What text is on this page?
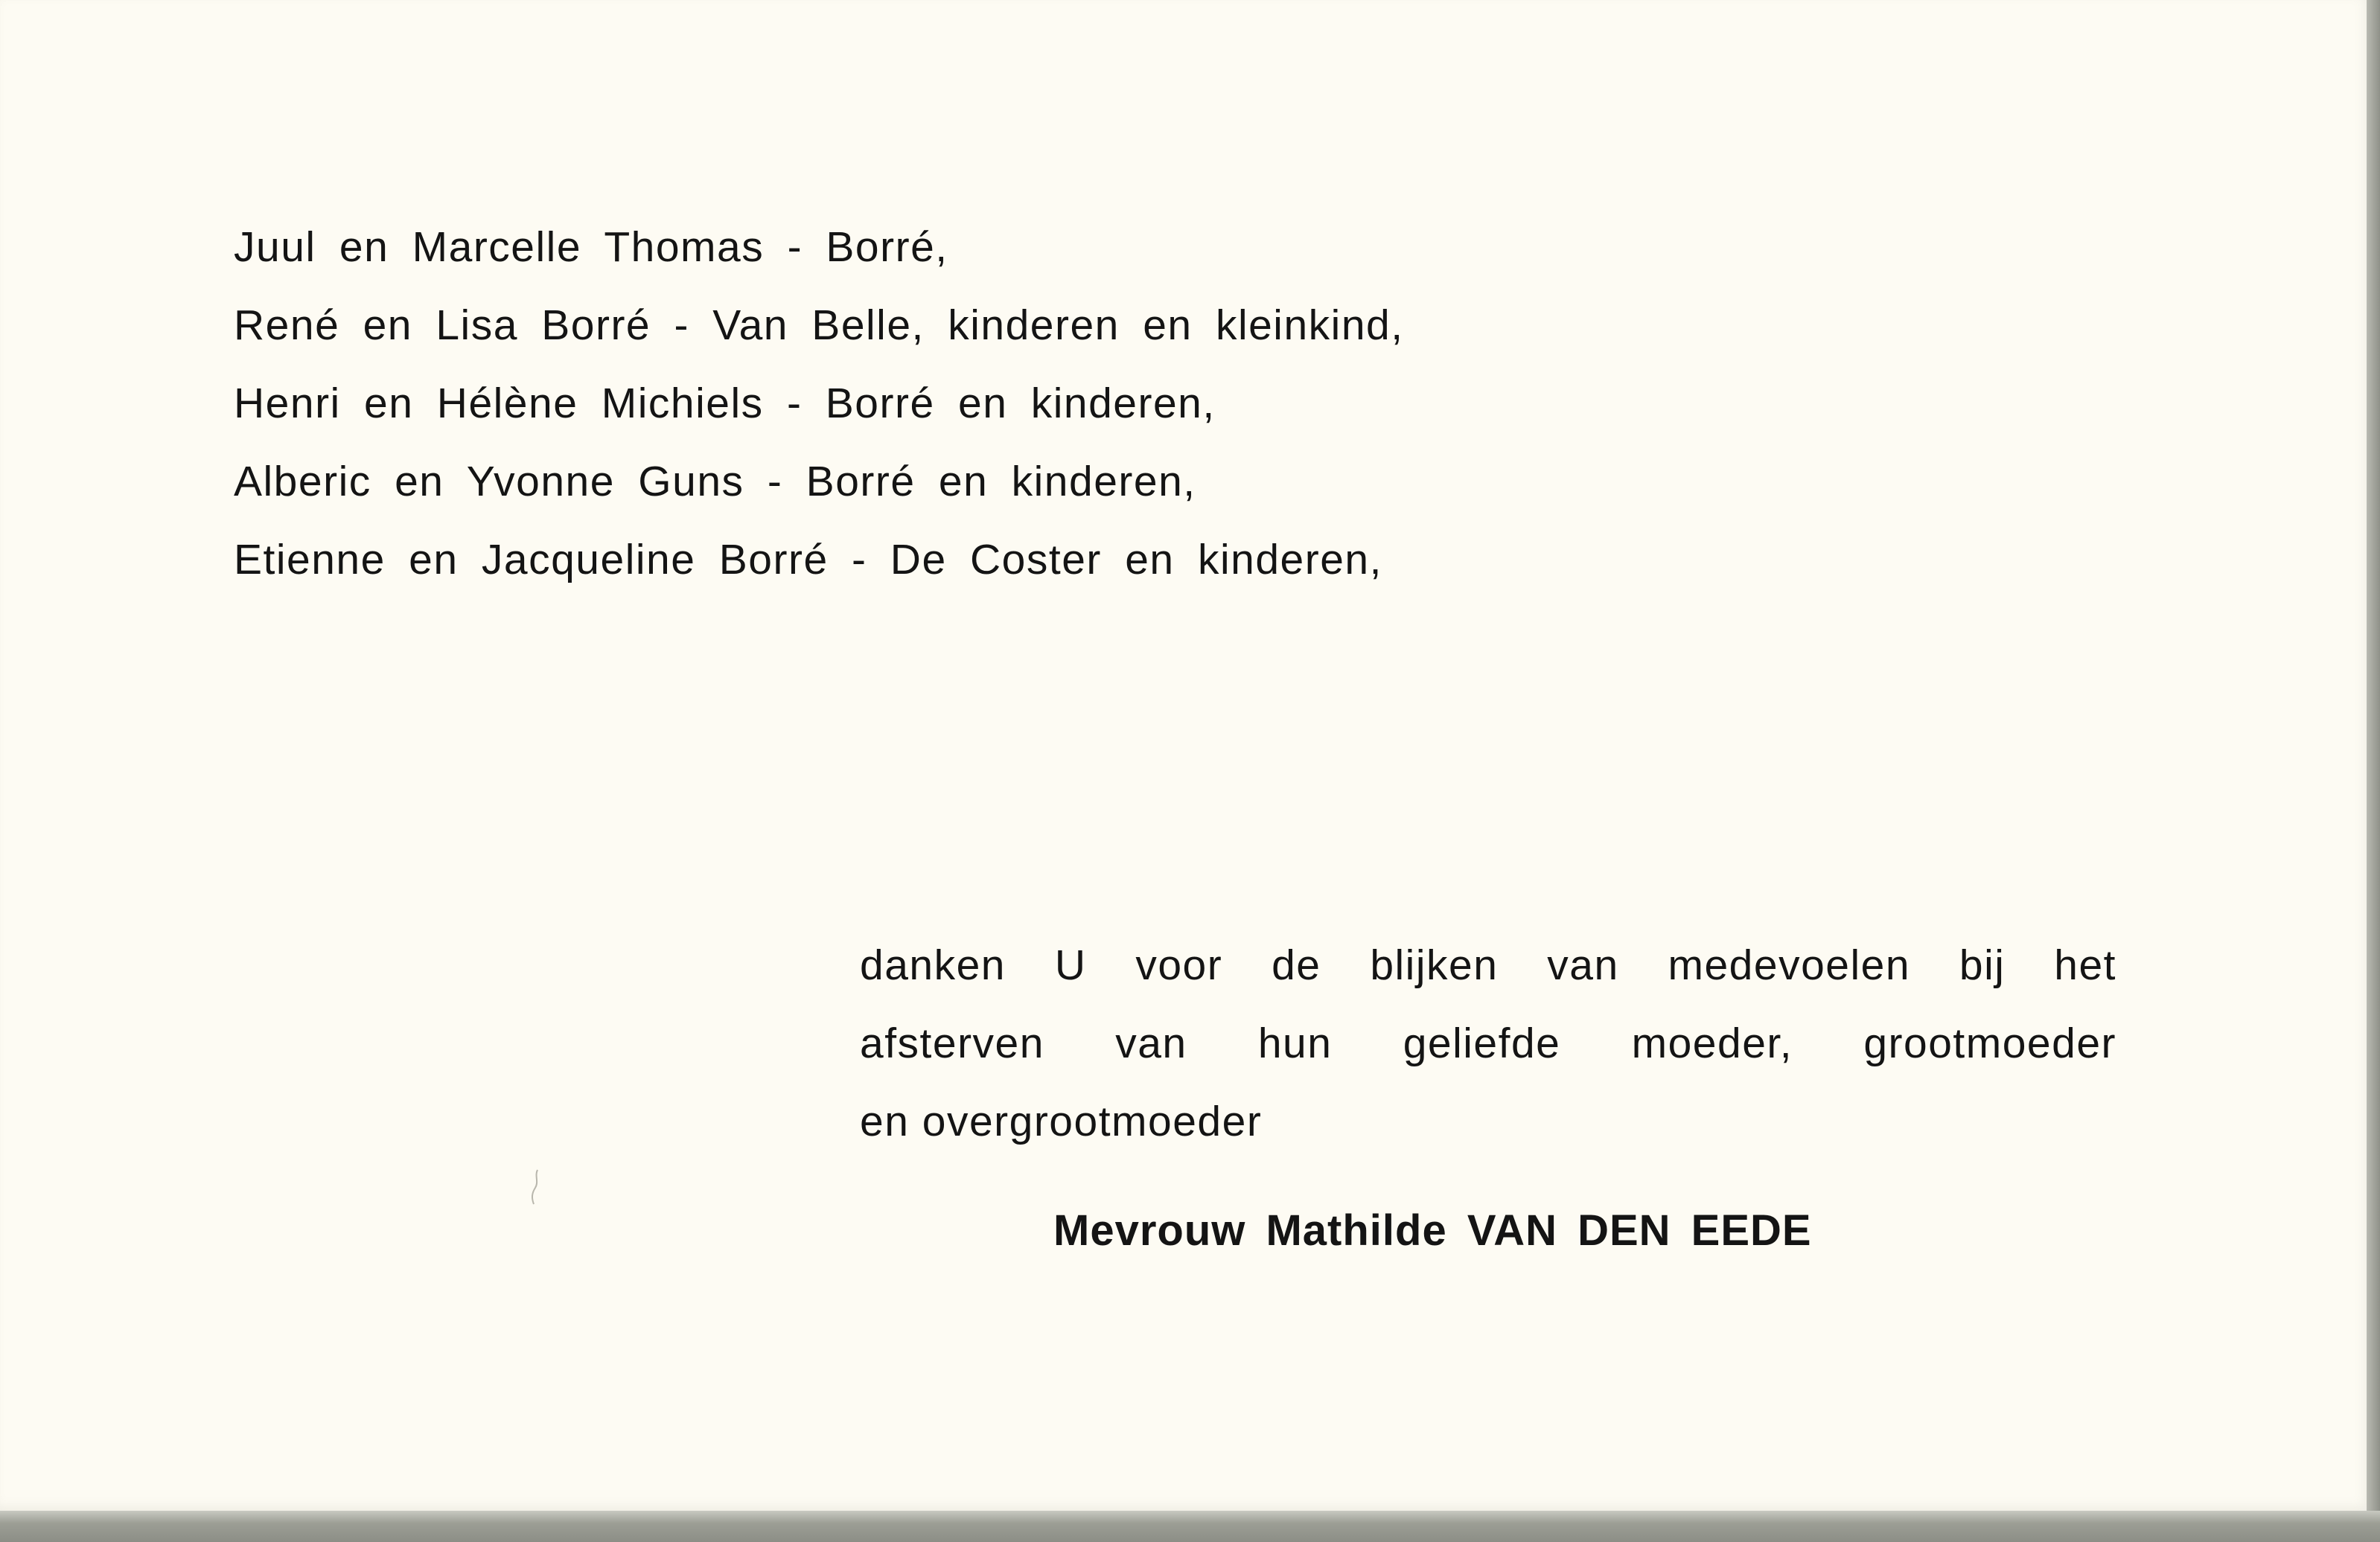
Juul en Marcelle Thomas - Borré,
René en Lisa Borré - Van Belle, kinderen en kleinkind,
Henri en Hélène Michiels - Borré en kinderen,
Alberic en Yvonne Guns - Borré en kinderen,
Etienne en Jacqueline Borré - De Coster en kinderen,

danken U voor de blijken van medevoelen bij het

afsterven van hun geliefde moeder, grootmoeder

en overgrootmoeder

Mevrouw Mathilde VAN DEN EEDE
